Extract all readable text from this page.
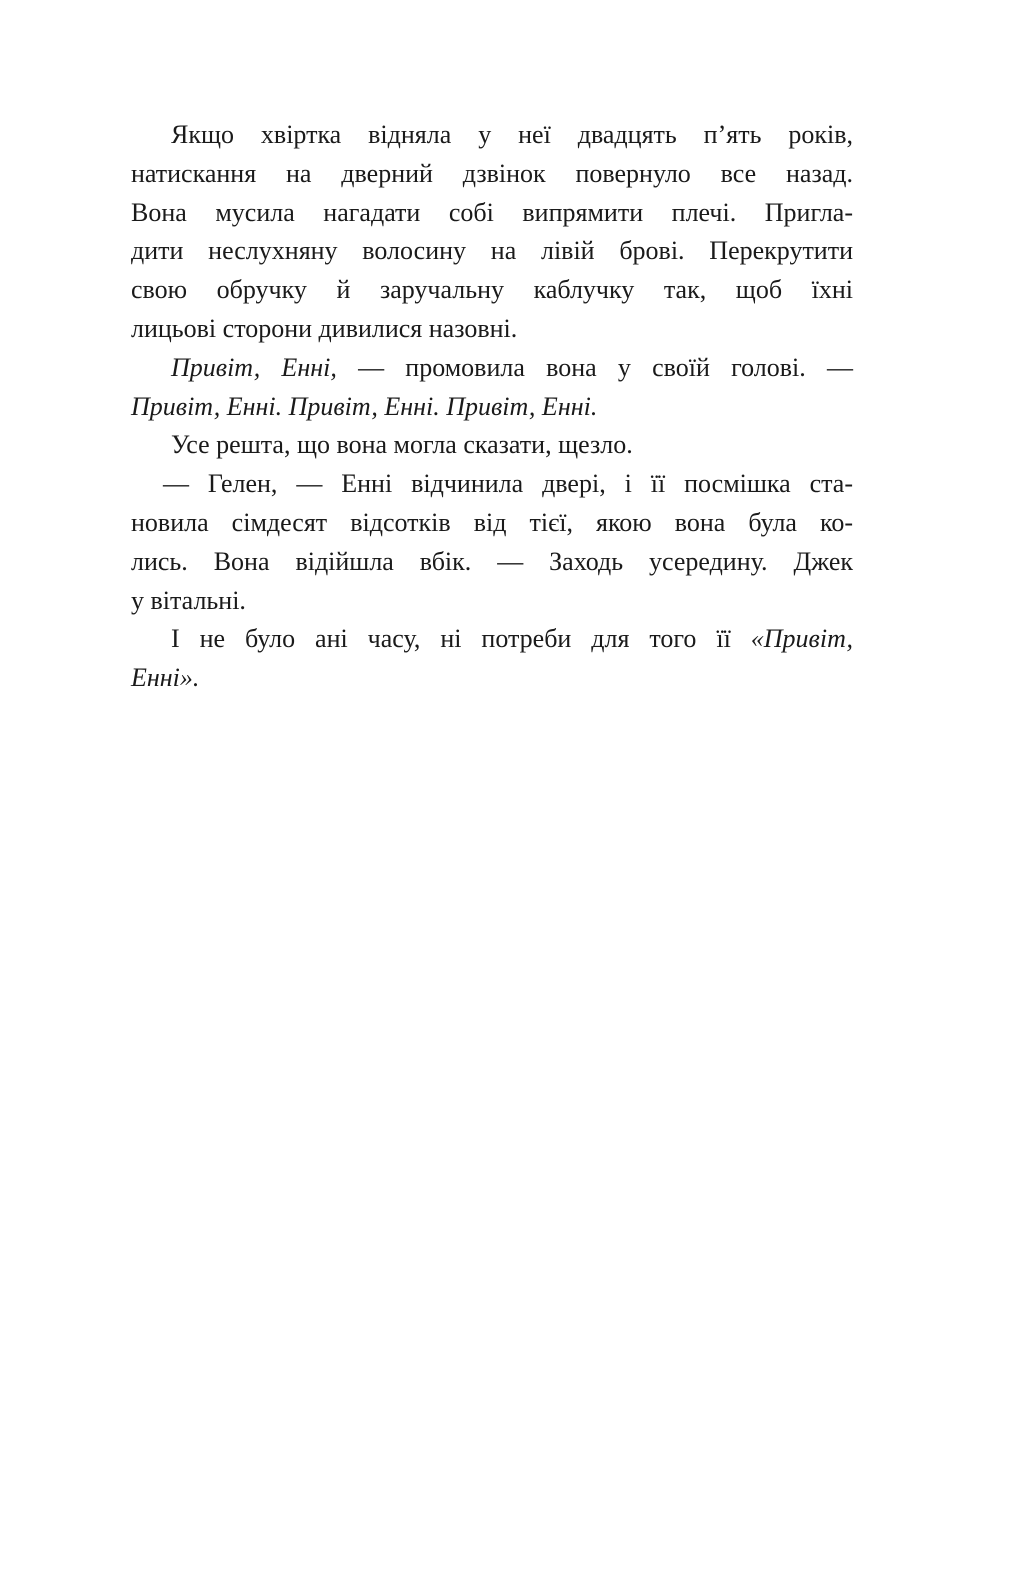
Якщо хвіртка відняла у неї двадцять п’ять років,
натискання на дверний дзвінок повернуло все назад.
Вона мусила нагадати собі випрямити плечі. Пригла-
дити неслухняну волосину на лівій брові. Перекрутити
свою обручку й заручальну каблучку так, щоб їхні
лицьові сторони дивилися назовні.
Привіт, Енні, — промовила вона у своїй голові. —
Привіт, Енні. Привіт, Енні. Привіт, Енні.
Усе решта, що вона могла сказати, щезло.
— Гелен, — Енні відчинила двері, і її посмішка ста-
новила сімдесят відсотків від тієї, якою вона була ко-
лись. Вона відійшла вбік. — Заходь усередину. Джек
у вітальні.
І не було ані часу, ні потреби для того її «Привіт,
Енні».
